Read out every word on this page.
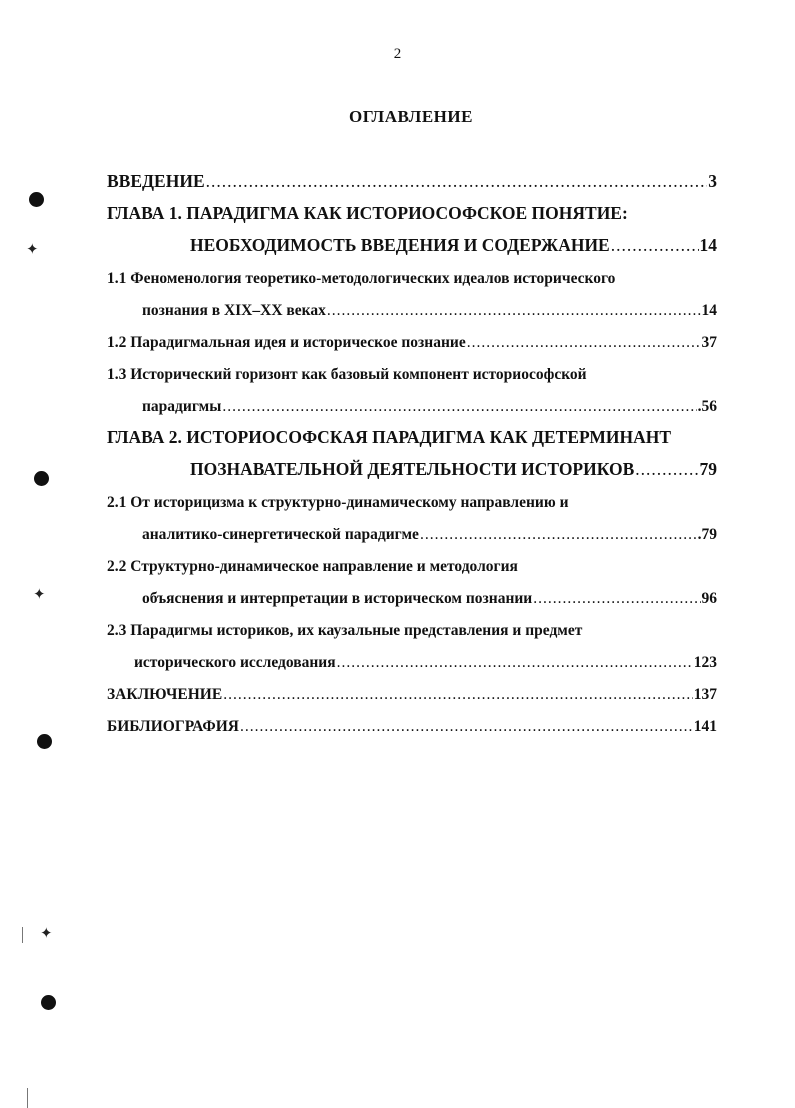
2
ОГЛАВЛЕНИЕ
ВВЕДЕНИЕ .....	3
ГЛАВА 1. ПАРАДИГМА КАК ИСТОРИОСОФСКОЕ ПОНЯТИЕ:
НЕОБХОДИМОСТЬ ВВЕДЕНИЯ И СОДЕРЖАНИЕ .....	14
1.1 Феноменология теоретико-методологических идеалов исторического
познания в XIX–XX веках .....	14
1.2 Парадигмальная идея и историческое познание .....	37
1.3 Исторический горизонт как базовый компонент историософской
парадигмы .....	.56
ГЛАВА 2. ИСТОРИОСОФСКАЯ ПАРАДИГМА КАК ДЕТЕРМИНАНТ
ПОЗНАВАТЕЛЬНОЙ ДЕЯТЕЛЬНОСТИ ИСТОРИКОВ .....	79
2.1 От историцизма к структурно-динамическому направлению и
аналитико-синергетической парадигме .....	.79
2.2 Структурно-динамическое направление и методология
объяснения и интерпретации в историческом познании .....	96
2.3 Парадигмы историков, их каузальные представления и предмет
исторического исследования .....	123
ЗАКЛЮЧЕНИЕ .....	137
БИБЛИОГРАФИЯ .....	141
✦
✦
✦
